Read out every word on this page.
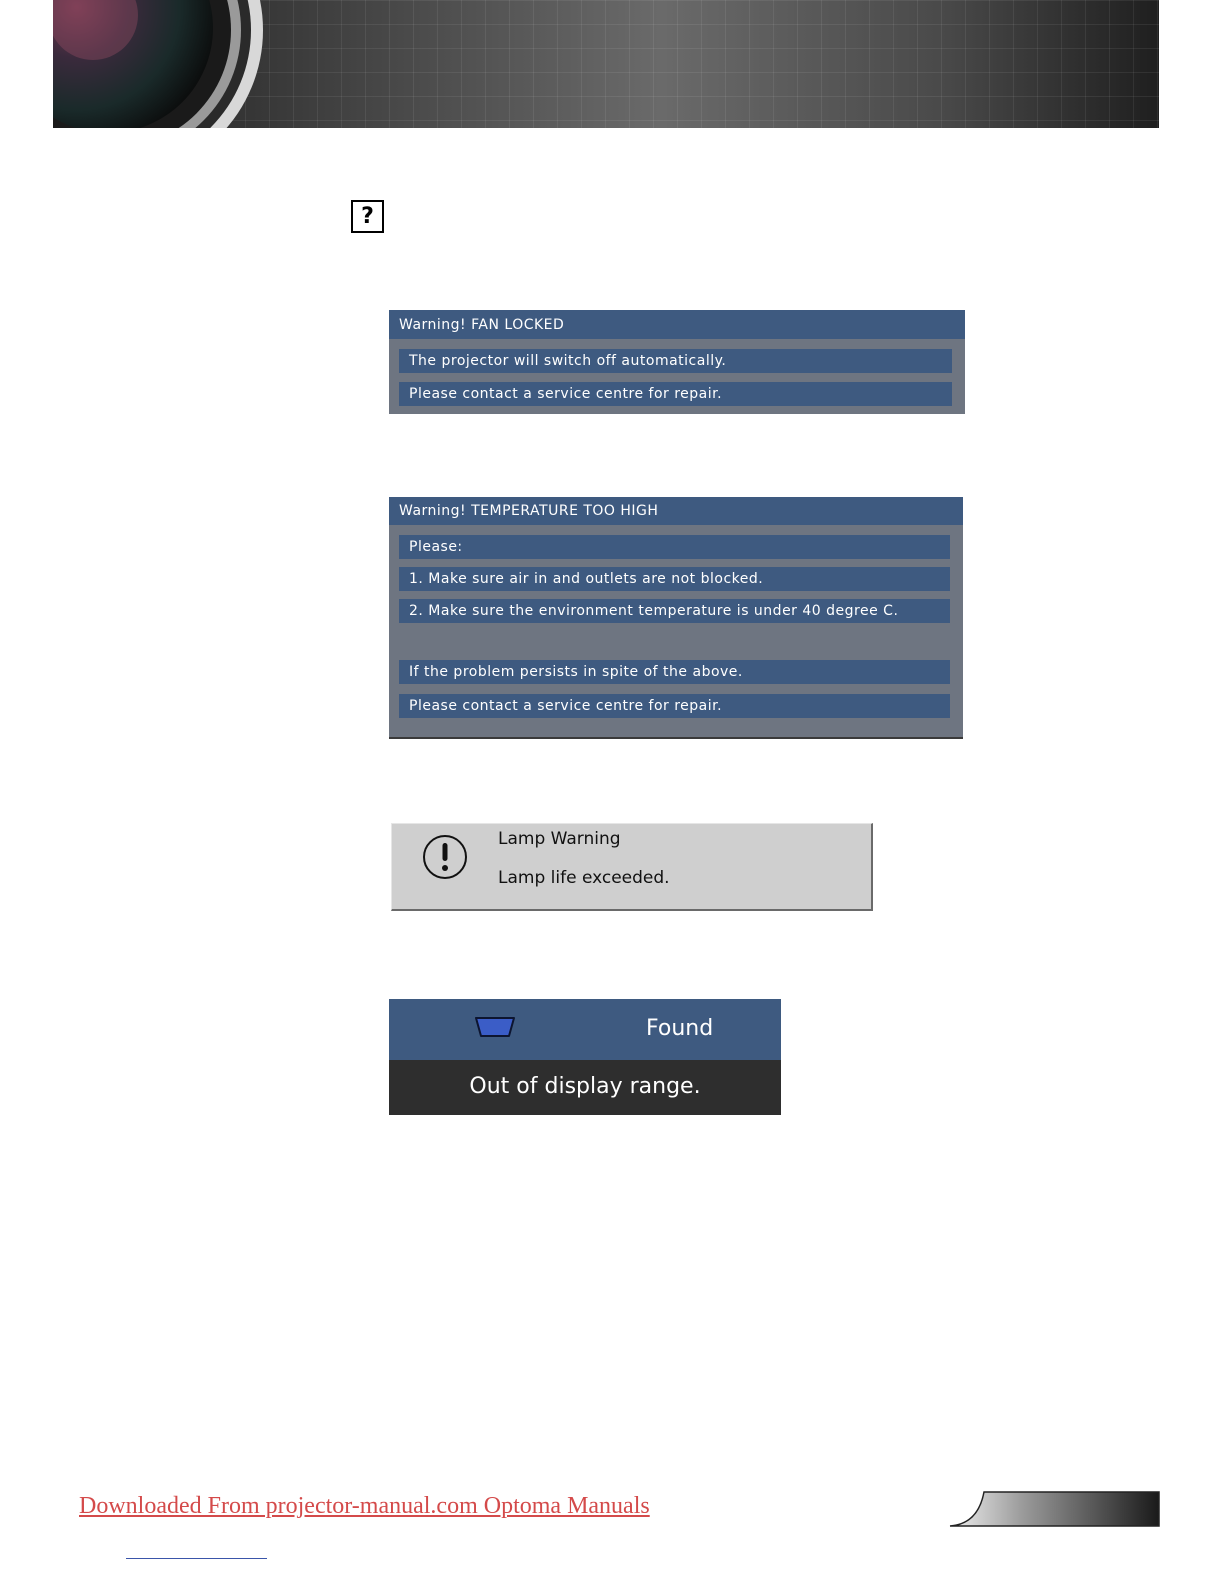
?
Warning! FAN LOCKED
The projector will switch off automatically.
Please contact a service centre for repair.
Warning! TEMPERATURE TOO HIGH
Please:
1. Make sure air in and outlets are not blocked.
2. Make sure the environment temperature is under 40 degree C.
If the problem persists in spite of the above.
Please contact a service centre for repair.
Lamp Warning
Lamp life exceeded.
Found
Out of display range.
Downloaded From projector-manual.com Optoma Manuals
